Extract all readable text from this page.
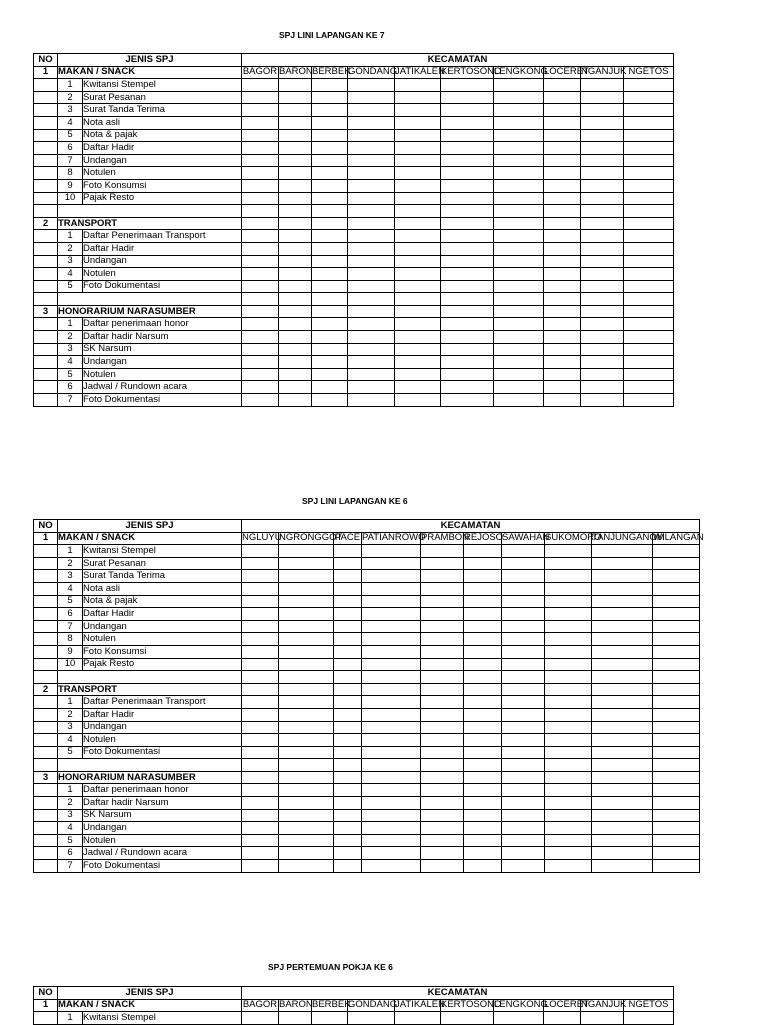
SPJ LINI LAPANGAN KE 7
NO	JENIS SPJ		KECAMATAN									
1	MAKAN / SNACK		BAGOR	BARON	BERBEK	GONDANG	JATIKALEN	KERTOSONO	LENGKONG	LOCERET	NGANJUK	NGETOS
	1	Kwitansi Stempel										
	2	Surat Pesanan										
	3	Surat Tanda Terima										
	4	Nota asli										
	5	Nota & pajak										
	6	Daftar Hadir										
	7	Undangan										
	8	Notulen										
	9	Foto Konsumsi										
	10	Pajak Resto										

2	TRANSPORT											
	1	Daftar Penerimaan Transport										
	2	Daftar Hadir										
	3	Undangan										
	4	Notulen										
	5	Foto Dokumentasi										

3	HONORARIUM NARASUMBER											
	1	Daftar penerimaan honor										
	2	Daftar hadir Narsum										
	3	SK Narsum										
	4	Undangan										
	5	Notulen										
	6	Jadwal / Rundown acara										
	7	Foto Dokumentasi										
SPJ LINI LAPANGAN KE 6
NO	JENIS SPJ		KECAMATAN									
1	MAKAN / SNACK		NGLUYU	NGRONGGOT	PACE	PATIANROWO	PRAMBON	REJOSO	SAWAHAN	SUKOMORO	TANJUNGANOM	WILANGAN
	1	Kwitansi Stempel										
	2	Surat Pesanan										
	3	Surat Tanda Terima										
	4	Nota asli										
	5	Nota & pajak										
	6	Daftar Hadir										
	7	Undangan										
	8	Notulen										
	9	Foto Konsumsi										
	10	Pajak Resto										

2	TRANSPORT											
	1	Daftar Penerimaan Transport										
	2	Daftar Hadir										
	3	Undangan										
	4	Notulen										
	5	Foto Dokumentasi										

3	HONORARIUM NARASUMBER											
	1	Daftar penerimaan honor										
	2	Daftar hadir Narsum										
	3	SK Narsum										
	4	Undangan										
	5	Notulen										
	6	Jadwal / Rundown acara										
	7	Foto Dokumentasi										
SPJ PERTEMUAN POKJA KE 6
NO	JENIS SPJ		KECAMATAN									
1	MAKAN / SNACK		BAGOR	BARON	BERBEK	GONDANG	JATIKALEN	KERTOSONO	LENGKONG	LOCERET	NGANJUK	NGETOS
	1	Kwitansi Stempel										
